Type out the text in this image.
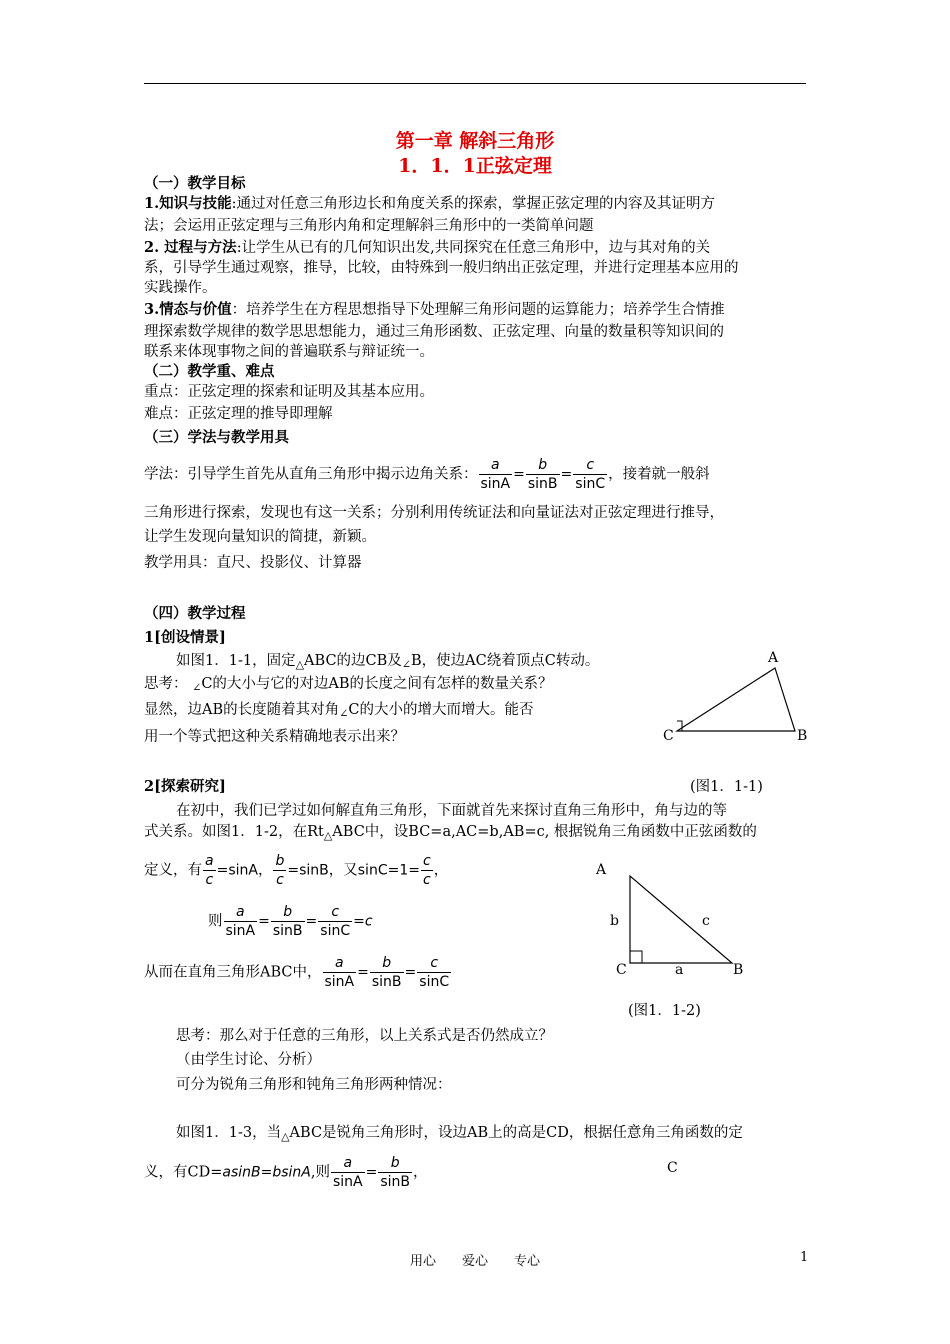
第一章 解斜三角形
1．1．1正弦定理
（一）教学目标
1.知识与技能:通过对任意三角形边长和角度关系的探索，掌握正弦定理的内容及其证明方
法；会运用正弦定理与三角形内角和定理解斜三角形中的一类简单问题
2. 过程与方法:让学生从已有的几何知识出发,共同探究在任意三角形中，边与其对角的关
系，引导学生通过观察，推导，比较，由特殊到一般归纳出正弦定理，并进行定理基本应用的
实践操作。
3.情态与价值：培养学生在方程思想指导下处理解三角形问题的运算能力；培养学生合情推
理探索数学规律的数学思思想能力，通过三角形函数、正弦定理、向量的数量积等知识间的
联系来体现事物之间的普遍联系与辩证统一。
（二）教学重、难点
重点：正弦定理的探索和证明及其基本应用。
难点：正弦定理的推导即理解
（三）学法与教学用具
学法：引导学生首先从直角三角形中揭示边角关系： $\frac{a}{\sin A} = \frac{b}{\sin B} = \frac{c}{\sin C}$ ，接着就一般斜
三角形进行探索，发现也有这一关系；分别利用传统证法和向量证法对正弦定理进行推导，
让学生发现向量知识的简捷，新颖。
教学用具：直尺、投影仪、计算器
（四）教学过程
1[创设情景]
如图1．1-1，固定$_\triangle$ABC的边CB及$_\angle$B，使边AC绕着顶点C转动。
思考： $_\angle$C的大小与它的对边AB的长度之间有怎样的数量关系？
显然，边AB的长度随着其对角$_\angle$C的大小的增大而增大。能否
用一个等式把这种关系精确地表示出来？
A
C	B
2[探索研究]	(图1．1-1)
在初中，我们已学过如何解直角三角形，下面就首先来探讨直角三角形中，角与边的等
式关系。如图1．1-2，在$Rt_\triangle ABC$中，设BC=a,AC=b,AB=c, 根据锐角三角函数中正弦函数的
定义，有 $\frac{a}{c} =\sin A$， $\frac{b}{c} =\sin B$，又$\sin C=1= \frac{c}{c}$ ，
则 $\frac{a}{\sin A} = \frac{b}{\sin B} = \frac{c}{\sin C} =c$
从而在直角三角形ABC中， $\frac{a}{\sin A} = \frac{b}{\sin B} = \frac{c}{\sin C}$
A
b	c
C	a	B
(图1．1-2)
思考：那么对于任意的三角形，以上关系式是否仍然成立？
（由学生讨论、分析）
可分为锐角三角形和钝角三角形两种情况：
如图1．1-3，当$_\triangle$ABC是锐角三角形时，设边AB上的高是CD，根据任意角三角函数的定
义，有CD=asinB=bsinA,则 $\frac{a}{\sin A} = \frac{b}{\sin B}$ ，	C
用心　　爱心　　专心	1
